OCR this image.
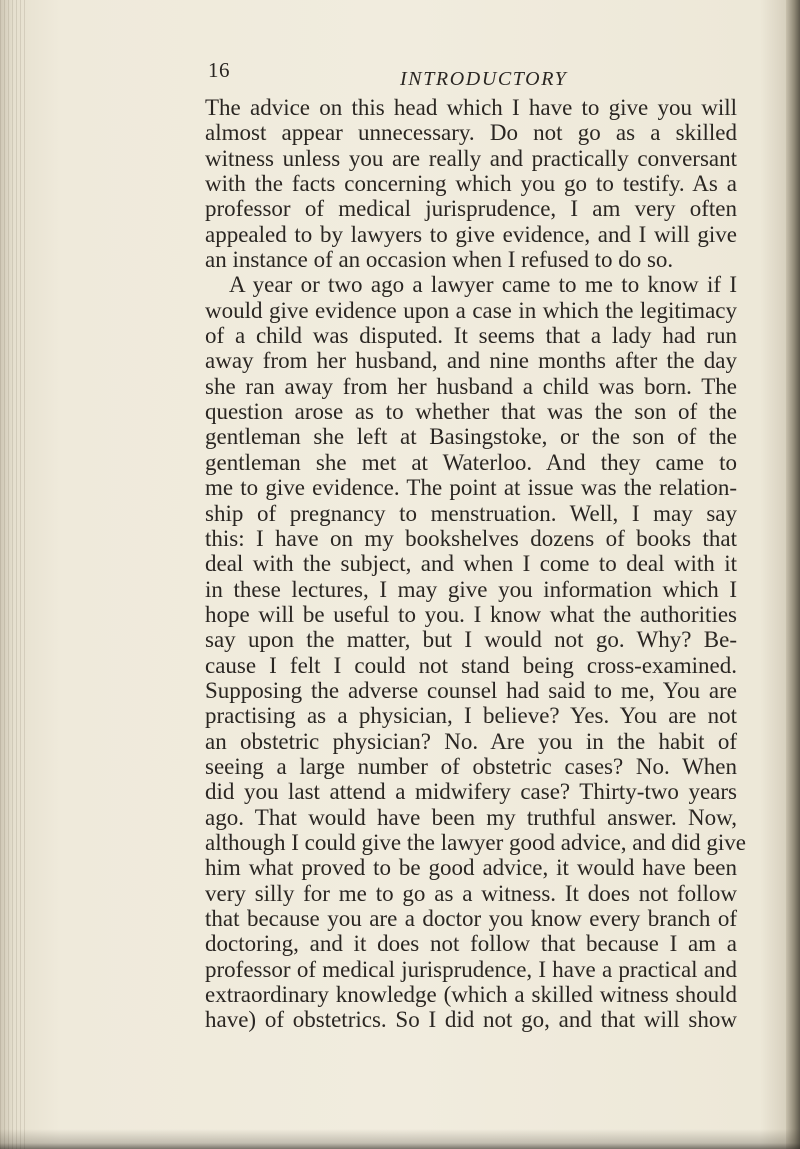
16	INTRODUCTORY
The advice on this head which I have to give you will
almost appear unnecessary. Do not go as a skilled
witness unless you are really and practically conversant
with the facts concerning which you go to testify. As a
professor of medical jurisprudence, I am very often
appealed to by lawyers to give evidence, and I will give
an instance of an occasion when I refused to do so.
A year or two ago a lawyer came to me to know if I
would give evidence upon a case in which the legitimacy
of a child was disputed. It seems that a lady had run
away from her husband, and nine months after the day
she ran away from her husband a child was born. The
question arose as to whether that was the son of the
gentleman she left at Basingstoke, or the son of the
gentleman she met at Waterloo. And they came to
me to give evidence. The point at issue was the relation-
ship of pregnancy to menstruation. Well, I may say
this: I have on my bookshelves dozens of books that
deal with the subject, and when I come to deal with it
in these lectures, I may give you information which I
hope will be useful to you. I know what the authorities
say upon the matter, but I would not go. Why? Be-
cause I felt I could not stand being cross-examined.
Supposing the adverse counsel had said to me, You are
practising as a physician, I believe? Yes. You are not
an obstetric physician? No. Are you in the habit of
seeing a large number of obstetric cases? No. When
did you last attend a midwifery case? Thirty-two years
ago. That would have been my truthful answer. Now,
although I could give the lawyer good advice, and did give
him what proved to be good advice, it would have been
very silly for me to go as a witness. It does not follow
that because you are a doctor you know every branch of
doctoring, and it does not follow that because I am a
professor of medical jurisprudence, I have a practical and
extraordinary knowledge (which a skilled witness should
have) of obstetrics. So I did not go, and that will show
